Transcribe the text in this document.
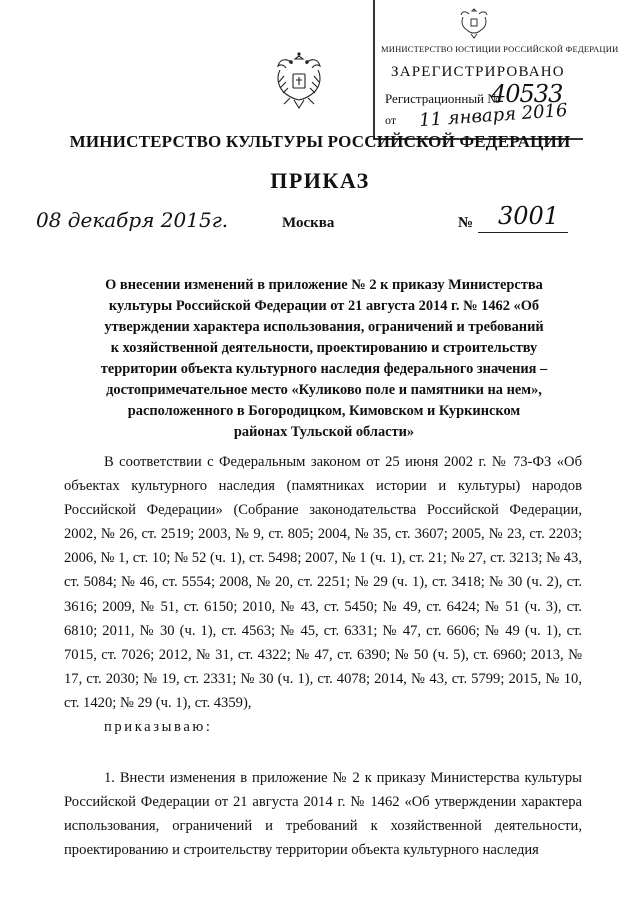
МИНИСТЕРСТВО ЮСТИЦИИ РОССИЙСКОЙ ФЕДЕРАЦИИ
ЗАРЕГИСТРИРОВАНО
Регистрационный №
40533
от 11 января 2016
МИНИСТЕРСТВО КУЛЬТУРЫ РОССИЙСКОЙ ФЕДЕРАЦИИ
ПРИКАЗ
08 декабря 2015г.	Москва	№ 3001
О внесении изменений в приложение № 2 к приказу Министерства культуры Российской Федерации от 21 августа 2014 г. № 1462 «Об утверждении характера использования, ограничений и требований к хозяйственной деятельности, проектированию и строительству территории объекта культурного наследия федерального значения – достопримечательное место «Куликово поле и памятники на нем», расположенного в Богородицком, Кимовском и Куркинском районах Тульской области»

В соответствии с Федеральным законом от 25 июня 2002 г. № 73-ФЗ «Об объектах культурного наследия (памятниках истории и культуры) народов Российской Федерации» (Собрание законодательства Российской Федерации, 2002, № 26, ст. 2519; 2003, № 9, ст. 805; 2004, № 35, ст. 3607; 2005, № 23, ст. 2203; 2006, № 1, ст. 10; № 52 (ч. 1), ст. 5498; 2007, № 1 (ч. 1), ст. 21; № 27, ст. 3213; № 43, ст. 5084; № 46, ст. 5554; 2008, № 20, ст. 2251; № 29 (ч. 1), ст. 3418; № 30 (ч. 2), ст. 3616; 2009, № 51, ст. 6150; 2010, № 43, ст. 5450; № 49, ст. 6424; № 51 (ч. 3), ст. 6810; 2011, № 30 (ч. 1), ст. 4563; № 45, ст. 6331; № 47, ст. 6606; № 49 (ч. 1), ст. 7015, ст. 7026; 2012, № 31, ст. 4322; № 47, ст. 6390; № 50 (ч. 5), ст. 6960; 2013, № 17, ст. 2030; № 19, ст. 2331; № 30 (ч. 1), ст. 4078; 2014, № 43, ст. 5799; 2015, № 10, ст. 1420; № 29 (ч. 1), ст. 4359),
приказываю:

1. Внести изменения в приложение № 2 к приказу Министерства культуры Российской Федерации от 21 августа 2014 г. № 1462 «Об утверждении характера использования, ограничений и требований к хозяйственной деятельности, проектированию и строительству территории объекта культурного наследия
